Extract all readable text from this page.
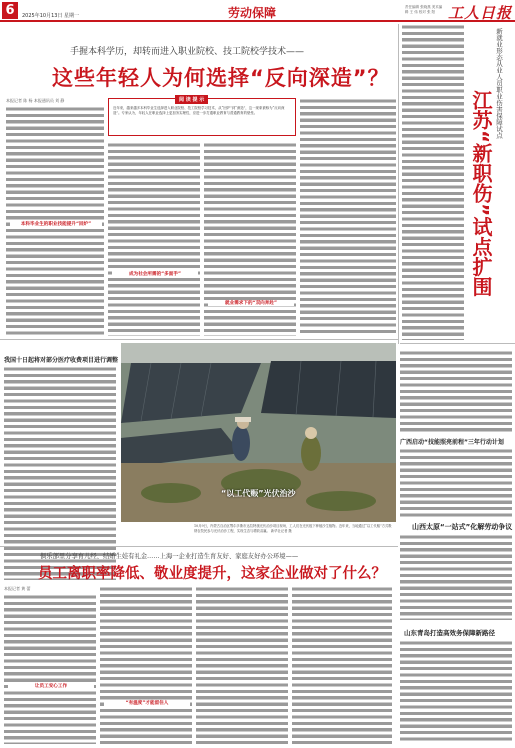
6	2025年10月13日 星期一	劳动保障	责任编辑 张晓燕 美术编辑 王 伟 校对 张 阳 工人日报
手握本科学历，却转而进入职业院校、技工院校学技术——
这些年轻人为何选择“反向深造”？
本报记者 陈 杨 本报通讯员 刘 静	阅 读 提 示
近年来，越来越多本科毕业生选择进入职业院校、技工院校学习技术，从“回炉”到“深造”，这一现象被称为“反向深造”。专家认为，年轻人在职业选择上更加务实理性，应进一步打通职业教育与普通教育的壁垒。
本科毕业生的职业技能提升“回炉”
成为社会所需的“多面手”
就业需求下的“双向奔赴”
新就业形态从业人员职业伤害保障试点
江苏“新职伤”试点扩围
我国十日起将对部分医疗收费项目进行调整
“以工代赈”光伏治沙
10月9日，内蒙古自治区鄂尔多斯市达拉特旗光伏治沙项目现场，工人们在光伏板下种植沙生植物。近年来，当地通过“以工代赈”方式吸纳农牧民参与光伏治沙工程，实现生态与增收双赢。 新华社记者 摄
俱乐部里分享育儿经、结婚生娃有礼金……上海一企业打造生育友好、家庭友好办公环境——
员工离职率降低、敬业度提升，这家企业做对了什么？
本报记者 黄 蕾
让员工安心工作
“有温度”才能留住人
广西启动“技能照亮前程”三年行动计划
山西太原“一站式”化解劳动争议
山东青岛打造高效务保障新路径
